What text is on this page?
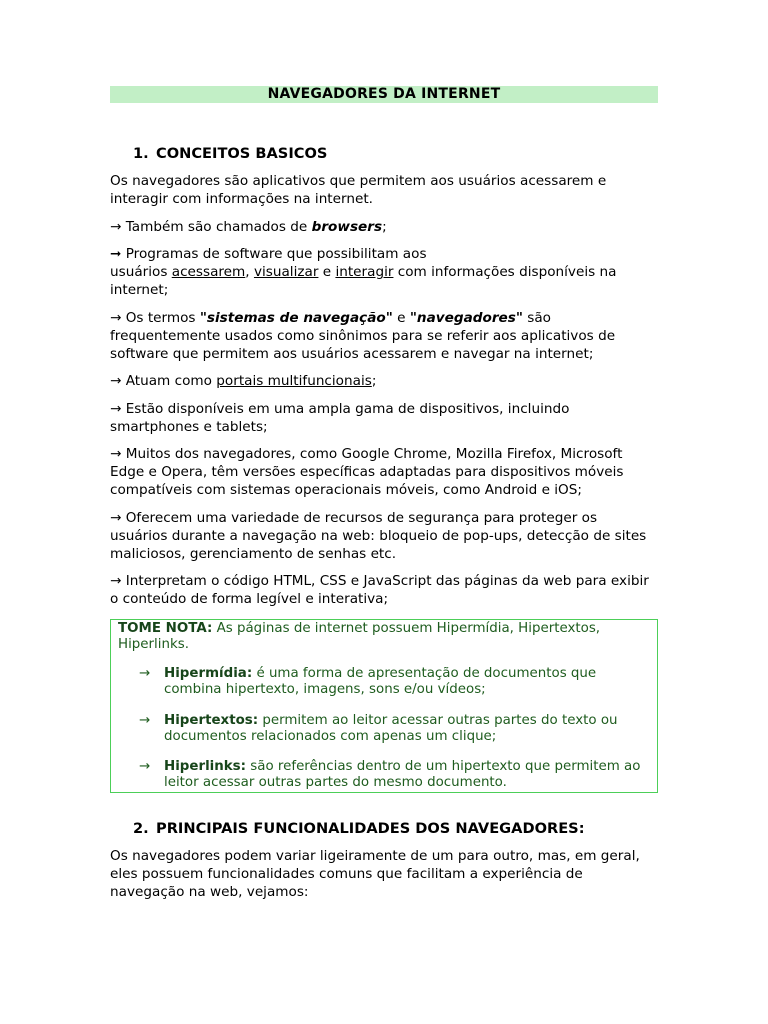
NAVEGADORES DA INTERNET
1. CONCEITOS BASICOS
Os navegadores são aplicativos que permitem aos usuários acessarem e interagir com informações na internet.
→ Também são chamados de browsers;
➞ Programas de software que possibilitam aos
usuários acessarem, visualizar e interagir com informações disponíveis na internet;
→ Os termos "sistemas de navegação" e "navegadores" são frequentemente usados como sinônimos para se referir aos aplicativos de software que permitem aos usuários acessarem e navegar na internet;
→ Atuam como portais multifuncionais;
→ Estão disponíveis em uma ampla gama de dispositivos, incluindo smartphones e tablets;
→ Muitos dos navegadores, como Google Chrome, Mozilla Firefox, Microsoft Edge e Opera, têm versões específicas adaptadas para dispositivos móveis compatíveis com sistemas operacionais móveis, como Android e iOS;
→ Oferecem uma variedade de recursos de segurança para proteger os usuários durante a navegação na web: bloqueio de pop-ups, detecção de sites maliciosos, gerenciamento de senhas etc.
→ Interpretam o código HTML, CSS e JavaScript das páginas da web para exibir o conteúdo de forma legível e interativa;
TOME NOTA: As páginas de internet possuem Hipermídia, Hipertextos, Hiperlinks.
→ Hipermídia: é uma forma de apresentação de documentos que combina hipertexto, imagens, sons e/ou vídeos;
→ Hipertextos: permitem ao leitor acessar outras partes do texto ou documentos relacionados com apenas um clique;
→ Hiperlinks: são referências dentro de um hipertexto que permitem ao leitor acessar outras partes do mesmo documento.
2. PRINCIPAIS FUNCIONALIDADES DOS NAVEGADORES:
Os navegadores podem variar ligeiramente de um para outro, mas, em geral, eles possuem funcionalidades comuns que facilitam a experiência de navegação na web, vejamos:
